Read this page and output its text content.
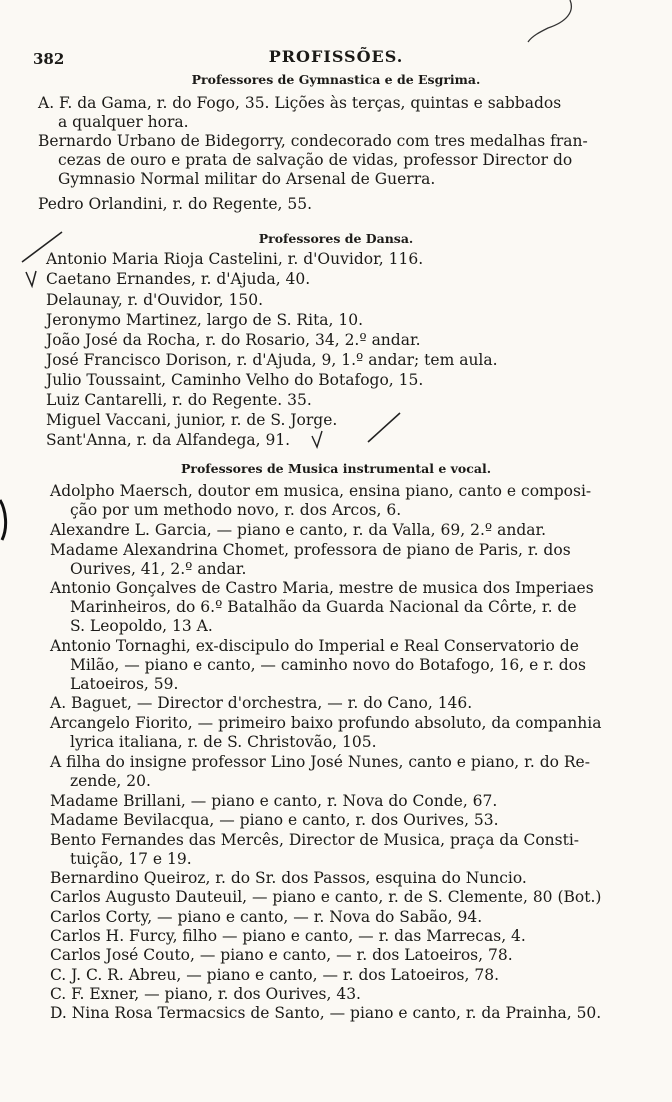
382	PROFISSÕES.
Professores de Gymnastica e de Esgrima.
A. F. da Gama, r. do Fogo, 35. Lições às terças, quintas e sabbados
a qualquer hora.
Bernardo Urbano de Bidegorry, condecorado com tres medalhas fran-
cezas de ouro e prata de salvação de vidas, professor Director do
Gymnasio Normal militar do Arsenal de Guerra.
Pedro Orlandini, r. do Regente, 55.
Professores de Dansa.
Antonio Maria Rioja Castelini, r. d'Ouvidor, 116.
Caetano Ernandes, r. d'Ajuda, 40.
Delaunay, r. d'Ouvidor, 150.
Jeronymo Martinez, largo de S. Rita, 10.
João José da Rocha, r. do Rosario, 34, 2.º andar.
José Francisco Dorison, r. d'Ajuda, 9, 1.º andar; tem aula.
Julio Toussaint, Caminho Velho do Botafogo, 15.
Luiz Cantarelli, r. do Regente. 35.
Miguel Vaccani, junior, r. de S. Jorge.
Sant'Anna, r. da Alfandega, 91.
Professores de Musica instrumental e vocal.
Adolpho Maersch, doutor em musica, ensina piano, canto e composi-
ção por um methodo novo, r. dos Arcos, 6.
Alexandre L. Garcia, — piano e canto, r. da Valla, 69, 2.º andar.
Madame Alexandrina Chomet, professora de piano de Paris, r. dos
Ourives, 41, 2.º andar.
Antonio Gonçalves de Castro Maria, mestre de musica dos Imperiaes
Marinheiros, do 6.º Batalhão da Guarda Nacional da Côrte, r. de
S. Leopoldo, 13 A.
Antonio Tornaghi, ex-discipulo do Imperial e Real Conservatorio de
Milão, — piano e canto, — caminho novo do Botafogo, 16, e r. dos
Latoeiros, 59.
A. Baguet, — Director d'orchestra, — r. do Cano, 146.
Arcangelo Fiorito, — primeiro baixo profundo absoluto, da companhia
lyrica italiana, r. de S. Christovão, 105.
A filha do insigne professor Lino José Nunes, canto e piano, r. do Re-
zende, 20.
Madame Brillani, — piano e canto, r. Nova do Conde, 67.
Madame Bevilacqua, — piano e canto, r. dos Ourives, 53.
Bento Fernandes das Mercês, Director de Musica, praça da Consti-
tuição, 17 e 19.
Bernardino Queiroz, r. do Sr. dos Passos, esquina do Nuncio.
Carlos Augusto Dauteuil, — piano e canto, r. de S. Clemente, 80 (Bot.)
Carlos Corty, — piano e canto, — r. Nova do Sabão, 94.
Carlos H. Furcy, filho — piano e canto, — r. das Marrecas, 4.
Carlos José Couto, — piano e canto, — r. dos Latoeiros, 78.
C. J. C. R. Abreu, — piano e canto, — r. dos Latoeiros, 78.
C. F. Exner, — piano, r. dos Ourives, 43.
D. Nina Rosa Termacsics de Santo, — piano e canto, r. da Prainha, 50.
